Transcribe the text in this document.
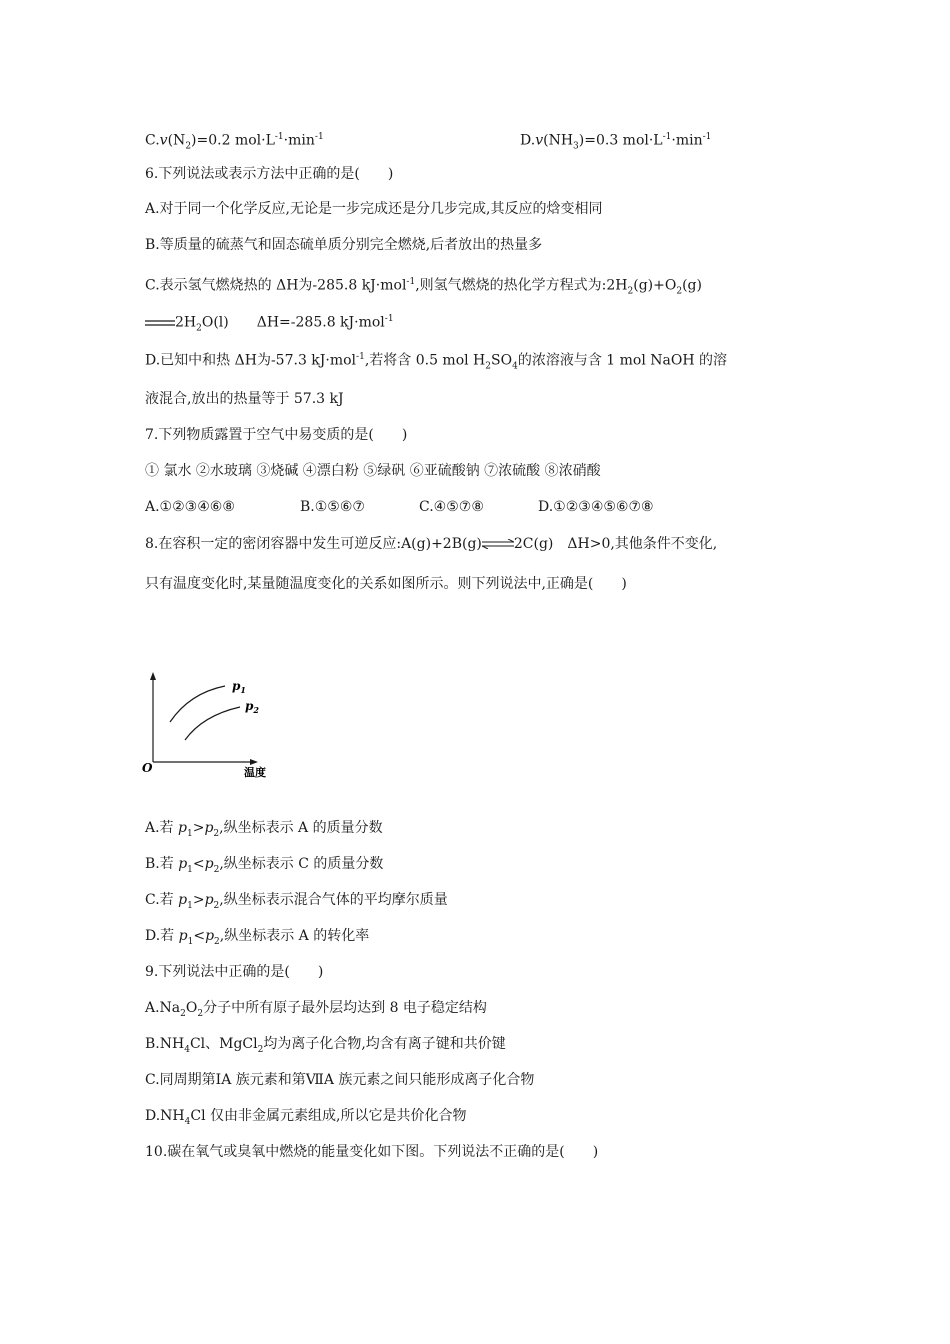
$C.v(N_2)=0.2$ $mol\cdot L^{-1}\cdot\min^{-1}$	$D.v(NH_3)=0.3$ $mol\cdot L^{-1}\cdot\min^{-1}$
6.下列说法或表示方法中正确的是(　　)
A.对于同一个化学反应,无论是一步完成还是分几步完成,其反应的焓变相同
B.等质量的硫蒸气和固态硫单质分别完全燃烧,后者放出的热量多
C.表示氢气燃烧热的 ΔH为-285.8 kJ·mol$^{-1}$,则氢气燃烧的热化学方程式为$:2H_2(g)+O_2(g)$
$2H_2O(l)$　　ΔH=-285.8 kJ·mol$^{-1}$
D.已知中和热 ΔH为-57.3 kJ·mol$^{-1}$,若将含 0.5 mol $H_2SO_4$的浓溶液与含 1 mol NaOH 的溶
液混合,放出的热量等于 57.3 kJ
7.下列物质露置于空气中易变质的是(　　)
① 氯水 ②水玻璃 ③烧碱 ④漂白粉 ⑤绿矾 ⑥亚硫酸钠 ⑦浓硫酸 ⑧浓硝酸
A.①②③④⑥⑧	B.①⑤⑥⑦	C.④⑤⑦⑧	D.①②③④⑤⑥⑦⑧
8.在容积一定的密闭容器中发生可逆反应:A(g)+2B(g)⇌2C(g)　ΔH>0,其他条件不变化,
只有温度变化时,某量随温度变化的关系如图所示。则下列说法中,正确是(　　)
O	温度
$p_1$
$p_2$
A.若 $p_1>p_2$,纵坐标表示 A 的质量分数
B.若 $p_1<p_2$,纵坐标表示 C 的质量分数
C.若 $p_1>p_2$,纵坐标表示混合气体的平均摩尔质量
D.若 $p_1<p_2$,纵坐标表示 A 的转化率
9.下列说法中正确的是(　　)
$A.Na_2O_2$分子中所有原子最外层均达到 8 电子稳定结构
$B.NH_4Cl$、MgCl$_2$均为离子化合物,均含有离子键和共价键
C.同周期第ⅠA 族元素和第ⅦA 族元素之间只能形成离子化合物
$D.NH_4Cl$ 仅由非金属元素组成,所以它是共价化合物
10.碳在氧气或臭氧中燃烧的能量变化如下图。下列说法不正确的是(　　)
